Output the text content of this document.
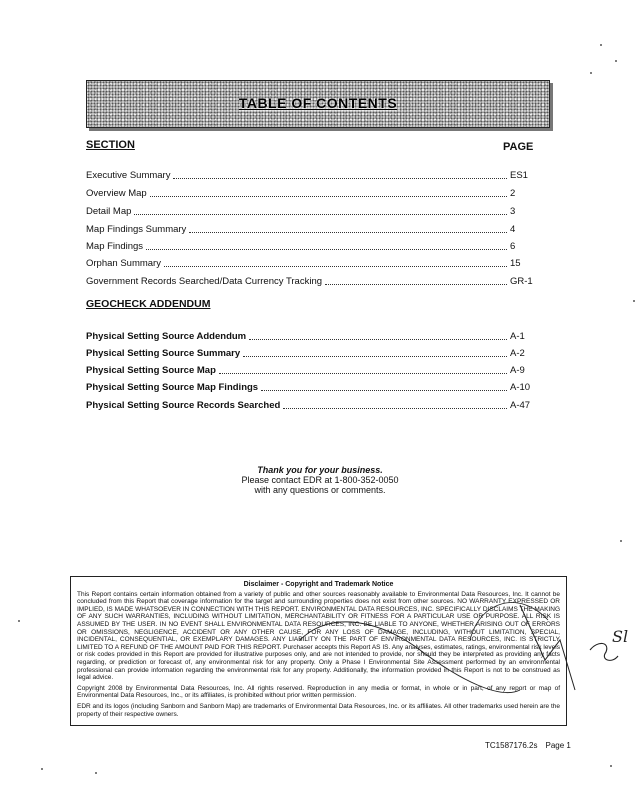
TABLE OF CONTENTS
SECTION	PAGE
Executive Summary	ES1
Overview Map	2
Detail Map	3
Map Findings Summary	4
Map Findings	6
Orphan Summary	15
Government Records Searched/Data Currency Tracking	GR-1
GEOCHECK ADDENDUM
Physical Setting Source Addendum	A-1
Physical Setting Source Summary	A-2
Physical Setting Source Map	A-9
Physical Setting Source Map Findings	A-10
Physical Setting Source Records Searched	A-47
Thank you for your business.
Please contact EDR at 1-800-352-0050
with any questions or comments.
Disclaimer - Copyright and Trademark Notice

This Report contains certain information obtained from a variety of public and other sources reasonably available to Environmental Data Resources, Inc. It cannot be concluded from this Report that coverage information for the target and surrounding properties does not exist from other sources. NO WARRANTY EXPRESSED OR IMPLIED, IS MADE WHATSOEVER IN CONNECTION WITH THIS REPORT. ENVIRONMENTAL DATA RESOURCES, INC. SPECIFICALLY DISCLAIMS THE MAKING OF ANY SUCH WARRANTIES, INCLUDING WITHOUT LIMITATION, MERCHANTABILITY OR FITNESS FOR A PARTICULAR USE OR PURPOSE. ALL RISK IS ASSUMED BY THE USER. IN NO EVENT SHALL ENVIRONMENTAL DATA RESOURCES, INC. BE LIABLE TO ANYONE, WHETHER ARISING OUT OF ERRORS OR OMISSIONS, NEGLIGENCE, ACCIDENT OR ANY OTHER CAUSE, FOR ANY LOSS OF DAMAGE, INCLUDING, WITHOUT LIMITATION, SPECIAL, INCIDENTAL, CONSEQUENTIAL, OR EXEMPLARY DAMAGES. ANY LIABILITY ON THE PART OF ENVIRONMENTAL DATA RESOURCES, INC. IS STRICTLY LIMITED TO A REFUND OF THE AMOUNT PAID FOR THIS REPORT. Purchaser accepts this Report AS IS. Any analyses, estimates, ratings, environmental risk levels or risk codes provided in this Report are provided for illustrative purposes only, and are not intended to provide, nor should they be interpreted as providing any facts regarding, or prediction or forecast of, any environmental risk for any property. Only a Phase I Environmental Site Assessment performed by an environmental professional can provide information regarding the environmental risk for any property. Additionally, the information provided in this Report is not to be construed as legal advice.

Copyright 2008 by Environmental Data Resources, Inc. All rights reserved. Reproduction in any media or format, in whole or in part, of any report or map of Environmental Data Resources, Inc., or its affiliates, is prohibited without prior written permission.

EDR and its logos (including Sanborn and Sanborn Map) are trademarks of Environmental Data Resources, Inc. or its affiliates. All other trademarks used herein are the property of their respective owners.

TC1587176.2s Page 1
Sl
